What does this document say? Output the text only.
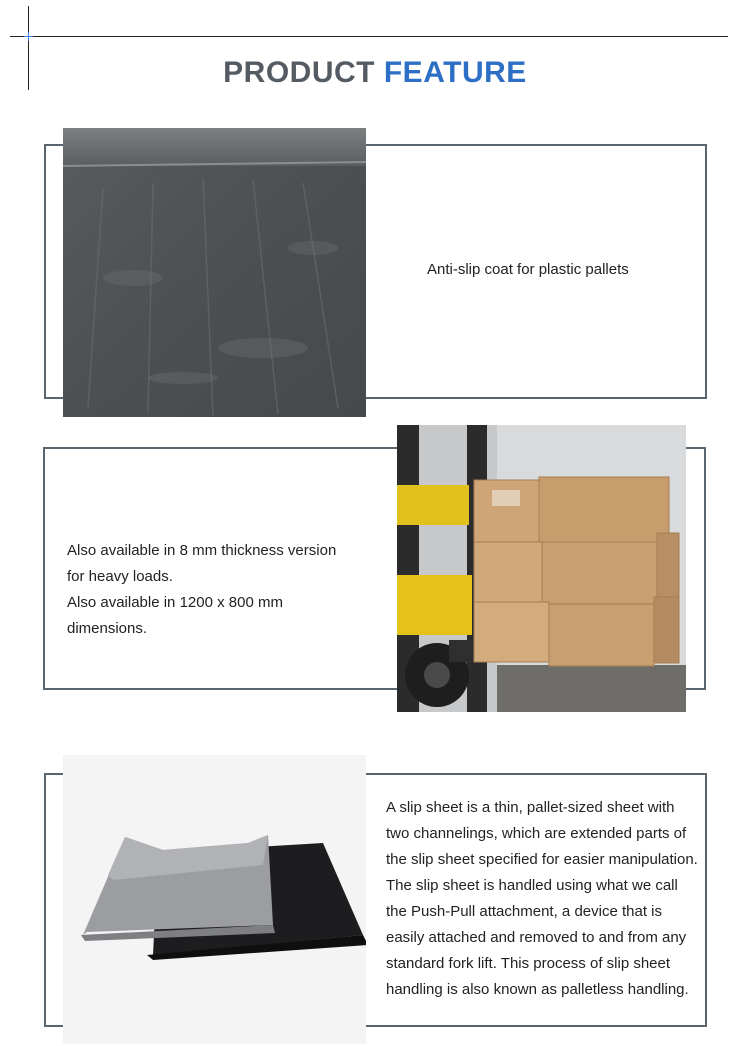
PRODUCT FEATURE
Anti-slip coat for plastic pallets
Also available in 8 mm thickness version
for heavy loads.
Also available in 1200 x 800 mm
dimensions.
A slip sheet is a thin, pallet-sized sheet with
two channelings, which are extended parts of
the slip sheet specified for easier manipulation.
The slip sheet is handled using what we call
the Push-Pull attachment, a device that is
easily attached and removed to and from any
standard fork lift. This process of slip sheet
handling is also known as palletless handling.
